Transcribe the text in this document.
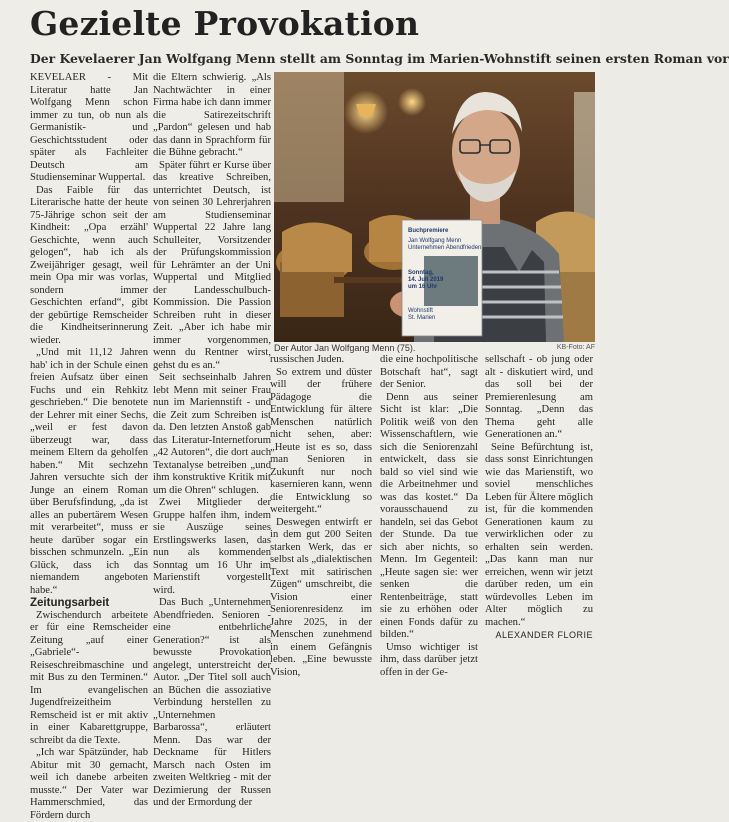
Gezielte Provokation
Der Kevelaerer Jan Wolfgang Menn stellt am Sonntag im Marien-Wohnstift seinen ersten Roman vor

KEVELAER - Mit Literatur hatte Jan Wolfgang Menn schon immer zu tun, ob nun als Germanistik- und Geschichtsstudent oder später als Fachleiter Deutsch am Studienseminar Wuppertal.

Das Faible für das Literarische hatte der heute 75-Jährige schon seit der Kindheit: „Opa erzähl' Geschichte, wenn auch gelogen“, hab ich als Zweijähriger gesagt, weil mein Opa mir was vorlas, sondern immer Geschichten erfand“, gibt der gebürtige Remscheider die Kindheitserinnerung wieder.

„Und mit 11,12 Jahren hab' ich in der Schule einen freien Aufsatz über einen Fuchs und ein Rehkitz geschrieben.“ Die benotete der Lehrer mit einer Sechs, „weil er fest davon überzeugt war, dass meinem Eltern da geholfen haben.“ Mit sechzehn Jahren versuchte sich der Junge an einem Roman über Berufsfindung, „da ist alles an pubertärem Wesen mit verarbeitet“, muss er heute darüber sogar ein bisschen schmunzeln. „Ein Glück, dass ich das niemandem angeboten habe.“

Zeitungsarbeit

Zwischendurch arbeitete er für eine Remscheider Zeitung „auf einer „Gabriele“-Reiseschreibmaschine und mit Bus zu den Terminen.“ Im evangelischen Jugendfreizeitheim Remscheid ist er mit aktiv in einer Kabarettgruppe, schreibt da die Texte.

„Ich war Spätzünder, hab Abitur mit 30 gemacht, weil ich danebe arbeiten musste.“ Der Vater war Hammerschmied, das Fördern durch

die Eltern schwierig. „Als Nachtwächter in einer Firma habe ich dann immer die Satirezeitschrift „Pardon“ gelesen und hab das dann in Sprachform für die Bühne gebracht.“

Später führt er Kurse über das kreative Schreiben, unterrichtet Deutsch, ist von seinen 30 Lehrerjahren am Studienseminar Wuppertal 22 Jahre lang Schulleiter, Vorsitzender der Prüfungskommission für Lehrämter an der Uni Wuppertal und Mitglied der Landesschulbuch-Kommission. Die Passion Schreiben ruht in dieser Zeit. „Aber ich habe mir immer vorgenommen, wenn du Rentner wirst, gehst du es an.“

Seit sechseinhalb Jahren lebt Menn mit seiner Frau nun im Mariennstift - und die Zeit zum Schreiben ist da. Den letzten Anstoß gab das Literatur-Internetforum „42 Autoren“, die dort auch Textanalyse betreiben „und ihm konstruktive Kritik mit um die Ohren“ schlugen.

Zwei Mitglieder der Gruppe halfen ihm, indem sie Auszüge seines Erstlingswerks lasen, das nun als kommenden Sonntag um 16 Uhr im Marienstift vorgestellt wird.

Das Buch „Unternehmen Abendfrieden. Senioren - eine entbehrliche Generation?“ ist als bewusste Provokation angelegt, unterstreicht der Autor. „Der Titel soll auch an Büchen die assoziative Verbindung herstellen zu „Unternehmen Barbarossa“, erläutert Menn. Das war der Deckname für Hitlers Marsch nach Osten im zweiten Weltkrieg - mit der Dezimierung der Russen und der Ermordung der

Buchpremiere
Jan Wolfgang Menn
Unternehmen Abendfrieden
Sonntag,
14. Juli 2019
um 16 Uhr
Wohnstift
St. Marien
Der Autor Jan Wolfgang Menn (75).	KB-Foto: AF

russischen Juden.

So extrem und düster will der frühere Pädagoge die Entwicklung für ältere Menschen natürlich nicht sehen, aber: „Heute ist es so, dass man Senioren in Zukunft nur noch kasernieren kann, wenn die Entwicklung so weitergeht.“

Deswegen entwirft er in dem gut 200 Seiten starken Werk, das er selbst als „dialektischen Text mit satirischen Zügen“ umschreibt, die Vision einer Seniorenresidenz im Jahre 2025, in der Menschen zunehmend in einem Gefängnis leben. „Eine bewusste Vision,

die eine hochpolitische Botschaft hat“, sagt der Senior.

Denn aus seiner Sicht ist klar: „Die Politik weiß von den Wissenschaftlern, wie sich die Seniorenzahl entwickelt, dass sie bald so viel sind wie die Arbeitnehmer und was das kostet.“ Da vorausschauend zu handeln, sei das Gebot der Stunde. Da tue sich aber nichts, so Menn. Im Gegenteil: „Heute sagen sie: wer senken die Rentenbeiträge, statt sie zu erhöhen oder einen Fonds dafür zu bilden.“

Umso wichtiger ist ihm, dass darüber jetzt offen in der Ge-

sellschaft - ob jung oder alt - diskutiert wird, und das soll bei der Premierenlesung am Sonntag. „Denn das Thema geht alle Generationen an.“

Seine Befürchtung ist, dass sonst Einrichtungen wie das Marienstift, wo soviel menschliches Leben für Ältere möglich ist, für die kommenden Generationen kaum zu verwirklichen oder zu erhalten sein werden. „Das kann man nur erreichen, wenn wir jetzt darüber reden, um ein würdevolles Leben im Alter möglich zu machen.“

ALEXANDER FLORIE
